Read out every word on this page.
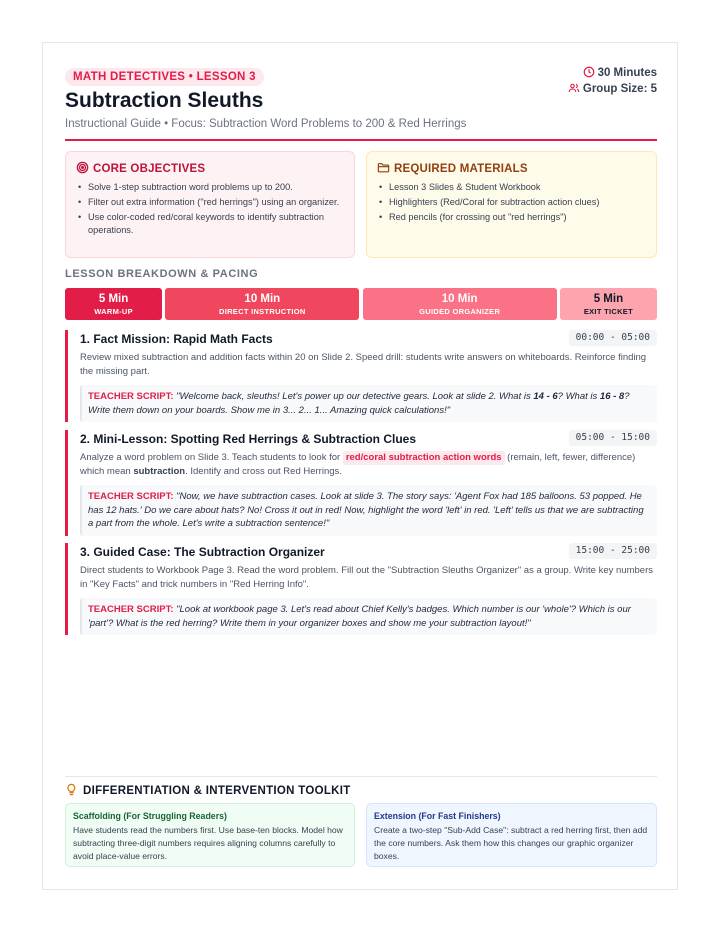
MATH DETECTIVES • LESSON 3
Subtraction Sleuths
Instructional Guide • Focus: Subtraction Word Problems to 200 & Red Herrings
30 Minutes
Group Size: 5
CORE OBJECTIVES
• Solve 1-step subtraction word problems up to 200.
• Filter out extra information ("red herrings") using an organizer.
• Use color-coded red/coral keywords to identify subtraction operations.
REQUIRED MATERIALS
• Lesson 3 Slides & Student Workbook
• Highlighters (Red/Coral for subtraction action clues)
• Red pencils (for crossing out "red herrings")
LESSON BREAKDOWN & PACING
5 Min
WARM-UP
10 Min
DIRECT INSTRUCTION
10 Min
GUIDED ORGANIZER
5 Min
EXIT TICKET
1. Fact Mission: Rapid Math Facts	00:00 - 05:00
Review mixed subtraction and addition facts within 20 on Slide 2. Speed drill: students write answers on whiteboards. Reinforce finding the missing part.
TEACHER SCRIPT: "Welcome back, sleuths! Let's power up our detective gears. Look at slide 2. What is 14 - 6? What is 16 - 8? Write them down on your boards. Show me in 3... 2... 1... Amazing quick calculations!"
2. Mini-Lesson: Spotting Red Herrings & Subtraction Clues	05:00 - 15:00
Analyze a word problem on Slide 3. Teach students to look for red/coral subtraction action words (remain, left, fewer, difference) which mean subtraction. Identify and cross out Red Herrings.
TEACHER SCRIPT: "Now, we have subtraction cases. Look at slide 3. The story says: 'Agent Fox had 185 balloons. 53 popped. He has 12 hats.' Do we care about hats? No! Cross it out in red! Now, highlight the word 'left' in red. 'Left' tells us that we are subtracting a part from the whole. Let's write a subtraction sentence!"
3. Guided Case: The Subtraction Organizer	15:00 - 25:00
Direct students to Workbook Page 3. Read the word problem. Fill out the "Subtraction Sleuths Organizer" as a group. Write key numbers in "Key Facts" and trick numbers in "Red Herring Info".
TEACHER SCRIPT: "Look at workbook page 3. Let's read about Chief Kelly's badges. Which number is our 'whole'? Which is our 'part'? What is the red herring? Write them in your organizer boxes and show me your subtraction layout!"
DIFFERENTIATION & INTERVENTION TOOLKIT
Scaffolding (For Struggling Readers)
Have students read the numbers first. Use base-ten blocks. Model how subtracting three-digit numbers requires aligning columns carefully to avoid place-value errors.
Extension (For Fast Finishers)
Create a two-step "Sub-Add Case": subtract a red herring first, then add the core numbers. Ask them how this changes our graphic organizer boxes.
